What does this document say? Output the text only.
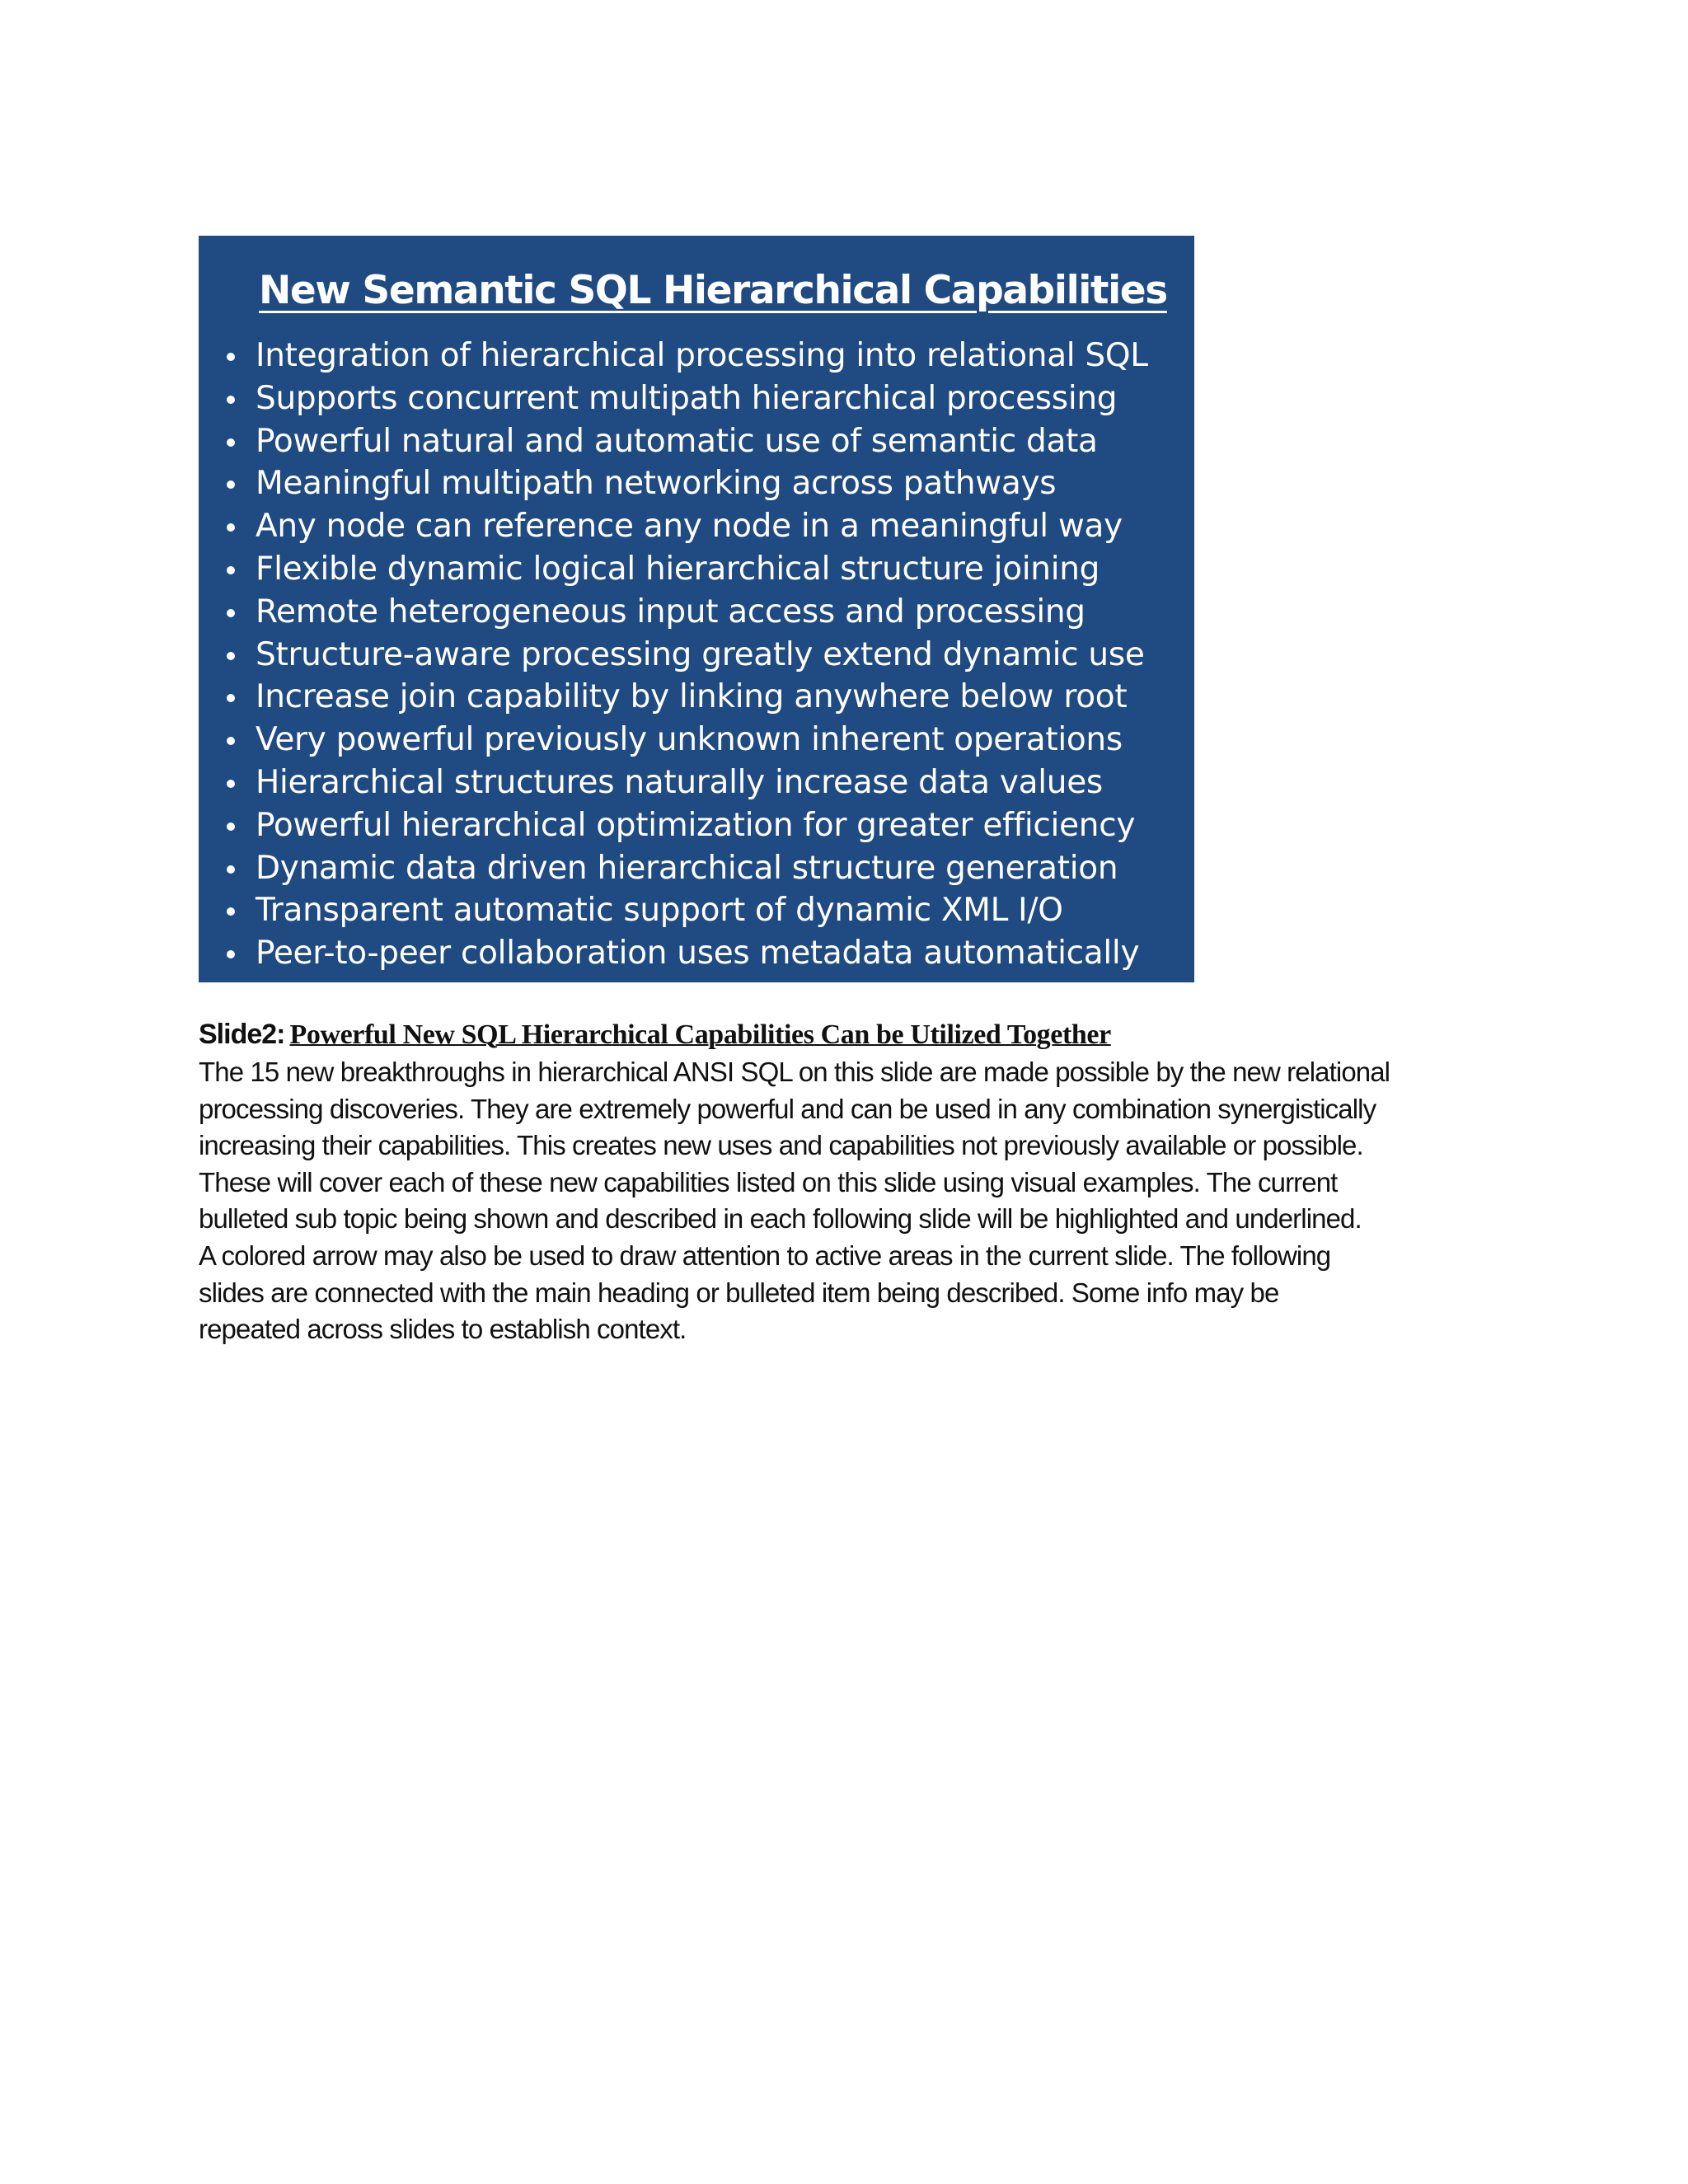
New Semantic SQL Hierarchical Capabilities
Integration of hierarchical processing into relational SQL
Supports concurrent multipath hierarchical processing
Powerful natural and automatic use of semantic data
Meaningful multipath networking across pathways
Any node can reference any node in a meaningful way
Flexible dynamic logical hierarchical structure joining
Remote heterogeneous input access and processing
Structure-aware processing greatly extend dynamic use
Increase join capability by linking anywhere below root
Very powerful previously unknown inherent operations
Hierarchical structures naturally increase data values
Powerful hierarchical optimization for greater efficiency
Dynamic data driven hierarchical structure generation
Transparent automatic support of dynamic XML I/O
Peer-to-peer collaboration uses metadata automatically
Slide2: Powerful New SQL Hierarchical Capabilities Can be Utilized Together
The 15 new breakthroughs in hierarchical ANSI SQL on this slide are made possible by the new relational
processing discoveries. They are extremely powerful and can be used in any combination synergistically
increasing their capabilities. This creates new uses and capabilities not previously available or possible.
These will cover each of these new capabilities listed on this slide using visual examples. The current
bulleted sub topic being shown and described in each following slide will be highlighted and underlined.
A colored arrow may also be used to draw attention to active areas in the current slide. The following
slides are connected with the main heading or bulleted item being described. Some info may be
repeated across slides to establish context.
